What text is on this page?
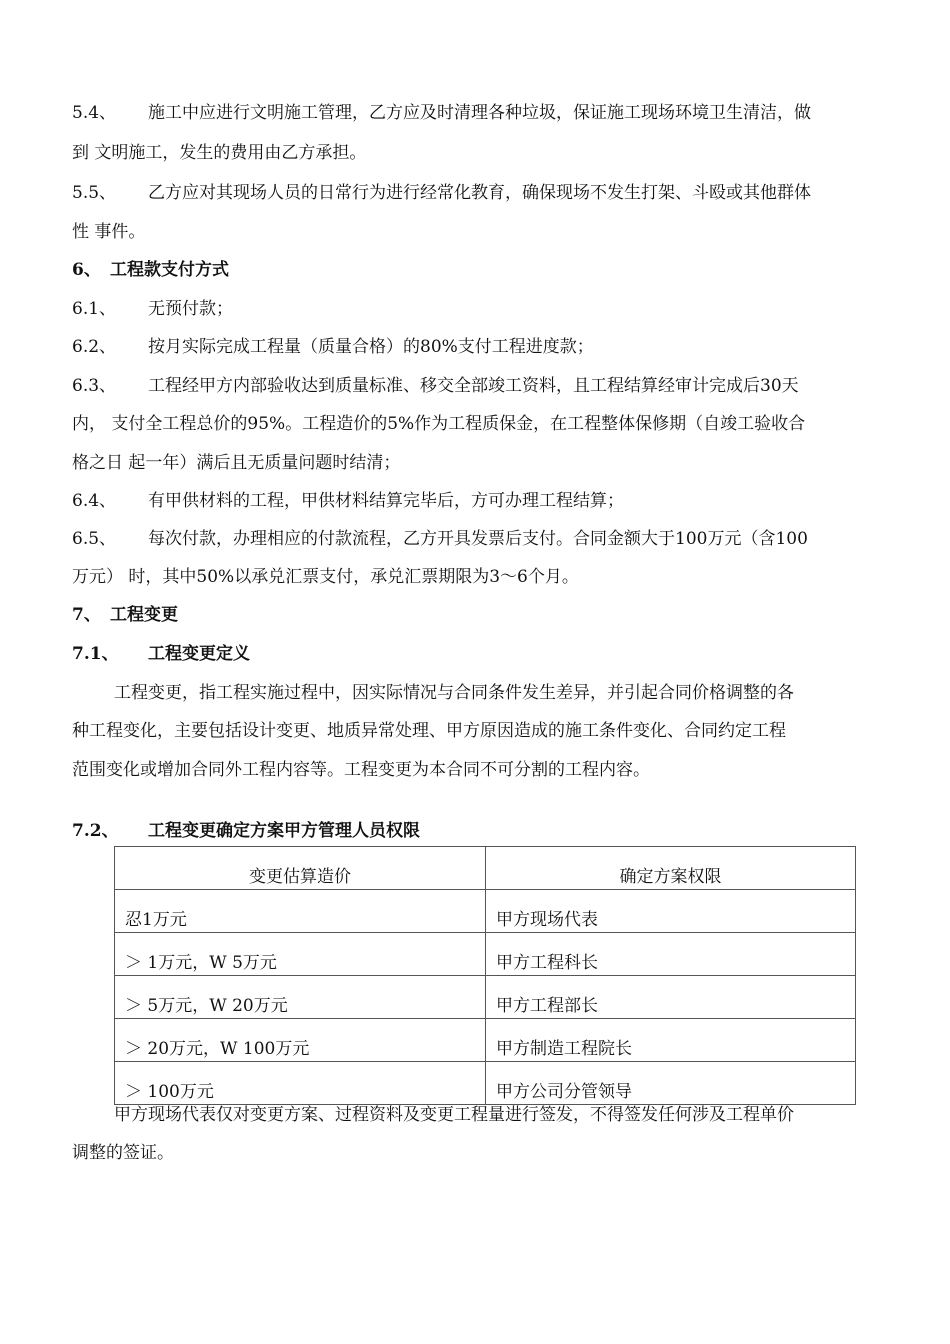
5.4、 施工中应进行文明施工管理，乙方应及时清理各种垃圾，保证施工现场环境卫生清洁，做
到 文明施工，发生的费用由乙方承担。
5.5、 乙方应对其现场人员的日常行为进行经常化教育，确保现场不发生打架、斗殴或其他群体
性 事件。
6、 工程款支付方式
6.1、 无预付款；
6.2、 按月实际完成工程量（质量合格）的80%支付工程进度款；
6.3、 工程经甲方内部验收达到质量标准、移交全部竣工资料，且工程结算经审计完成后30天
内， 支付全工程总价的95%。工程造价的5%作为工程质保金，在工程整体保修期（自竣工验收合
格之日 起一年）满后且无质量问题时结清；
6.4、 有甲供材料的工程，甲供材料结算完毕后，方可办理工程结算；
6.5、 每次付款，办理相应的付款流程，乙方开具发票后支付。合同金额大于100万元（含100
万元） 时，其中50%以承兑汇票支付，承兑汇票期限为3〜6个月。
7、 工程变更
7.1、 工程变更定义
工程变更，指工程实施过程中，因实际情况与合同条件发生差异，并引起合同价格调整的各
种工程变化，主要包括设计变更、地质异常处理、甲方原因造成的施工条件变化、合同约定工程
范围变化或增加合同外工程内容等。工程变更为本合同不可分割的工程内容。
7.2、 工程变更确定方案甲方管理人员权限
变更估算造价	确定方案权限
忍1万元	甲方现场代表
＞ 1万元，W 5万元	甲方工程科长
＞ 5万元，W 20万元	甲方工程部长
＞ 20万元，W 100万元	甲方制造工程院长
＞ 100万元	甲方公司分管领导
甲方现场代表仅对变更方案、过程资料及变更工程量进行签发，不得签发任何涉及工程单价
调整的签证。
